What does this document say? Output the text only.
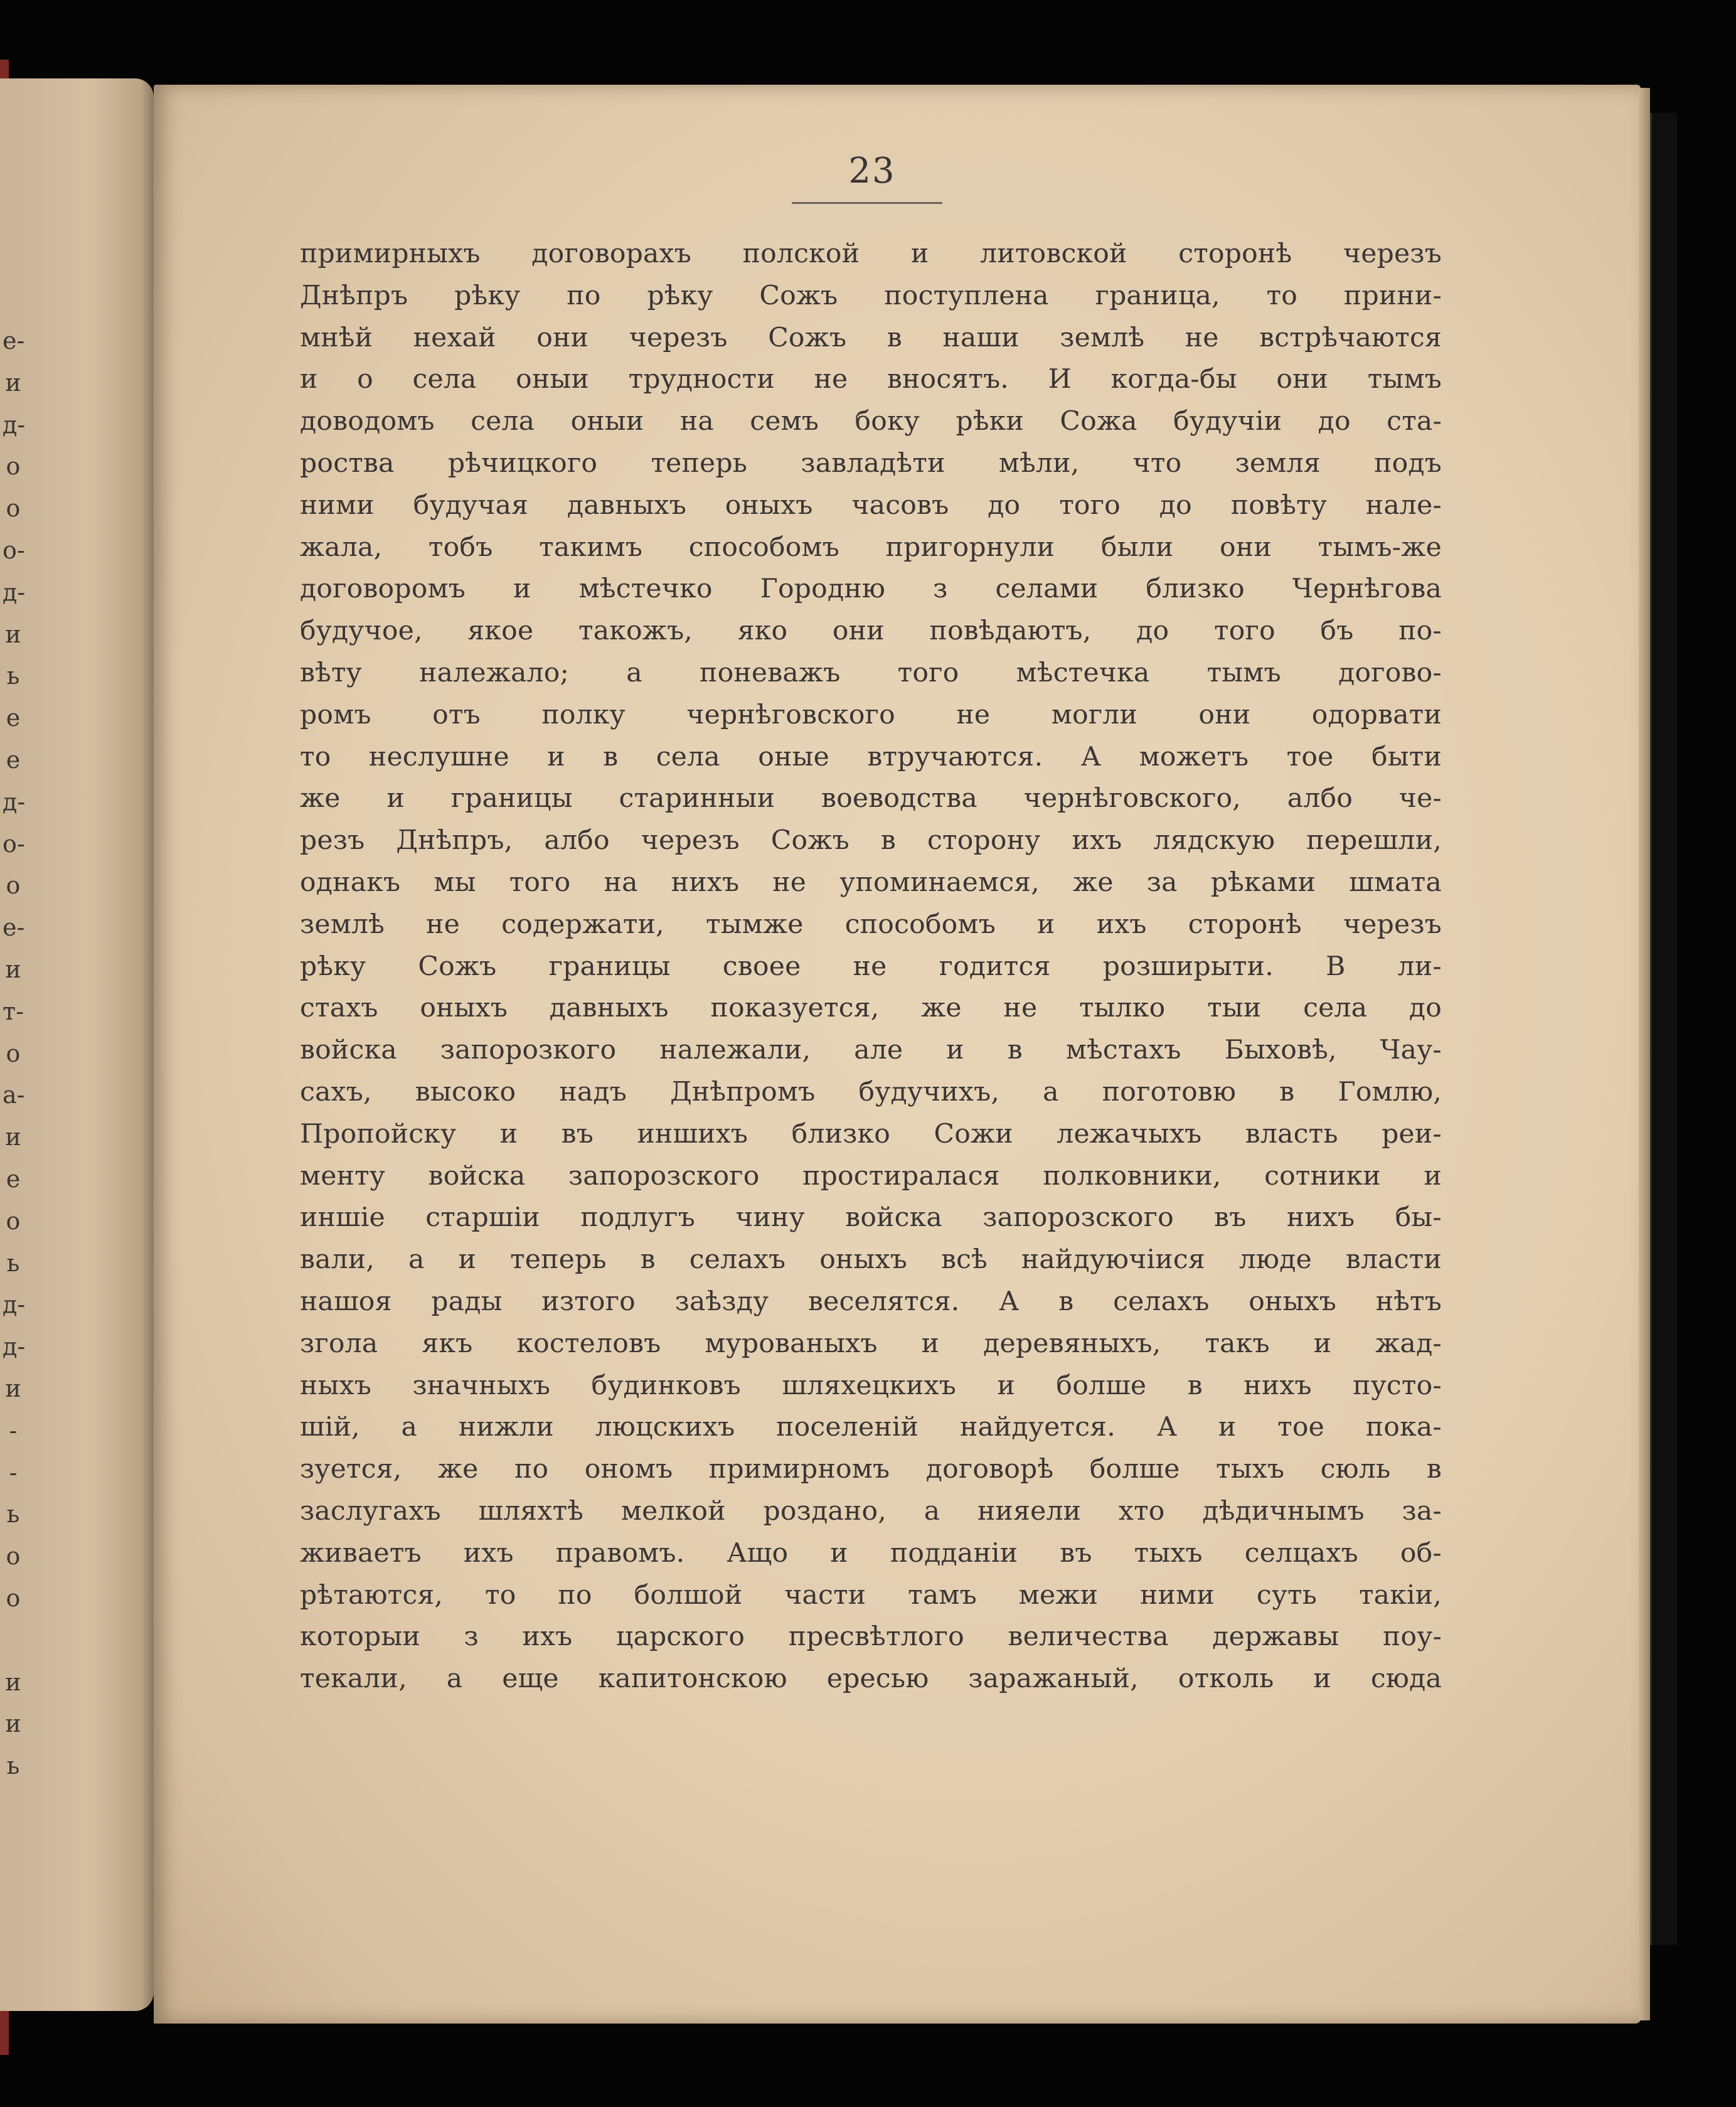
е-
и
д-
о
о
о-
д-
и
ь
е
е
д-
о-
о
е-
и
т-
о
а-
и
е
о
ь
д-
д-
и
-
-
ь
о
о
и
и
ь
23
примирныхъ договорахъ полской и литовской сторонѣ черезъ
Днѣпръ рѣку по рѣку Сожъ поступлена граница, то прини-
мнѣй нехай они черезъ Сожъ в наши землѣ не встрѣчаются
и о села оныи трудности не вносятъ. И когда-бы они тымъ
доводомъ села оныи на семъ боку рѣки Сожа будучіи до ста-
роства рѣчицкого теперь завладѣти мѣли, что земля подъ
ними будучая давныхъ оныхъ часовъ до того до повѣту нале-
жала, тобъ такимъ способомъ пригорнули были они тымъ-же
договоромъ и мѣстечко Городню з селами близко Чернѣгова
будучое, якое такожъ, яко они повѣдаютъ, до того бъ по-
вѣту належало; а поневажъ того мѣстечка тымъ догово-
ромъ отъ полку чернѣговского не могли они одорвати
то неслушне и в села оные втручаются. А можетъ тое быти
же и границы старинныи воеводства чернѣговского, албо че-
резъ Днѣпръ, албо черезъ Сожъ в сторону ихъ лядскую перешли,
однакъ мы того на нихъ не упоминаемся, же за рѣками шмата
землѣ не содержати, тымже способомъ и ихъ сторонѣ черезъ
рѣку Сожъ границы своее не годится розширыти. В ли-
стахъ оныхъ давныхъ показуется, же не тылко тыи села до
войска запорозкого належали, але и в мѣстахъ Быховѣ, Чау-
сахъ, высоко надъ Днѣпромъ будучихъ, а поготовю в Гомлю,
Пропойску и въ иншихъ близко Сожи лежачыхъ власть реи-
менту войска запорозского простиралася полковники, сотники и
иншіе старшіи подлугъ чину войска запорозского въ нихъ бы-
вали, а и теперь в селахъ оныхъ всѣ найдуючіися люде власти
нашоя рады изтого заѣзду веселятся. А в селахъ оныхъ нѣтъ
згола якъ костеловъ мурованыхъ и деревяныхъ, такъ и жад-
ныхъ значныхъ будинковъ шляхецкихъ и болше в нихъ пусто-
шій, а нижли люцскихъ поселеній найдуется. А и тое пока-
зуется, же по ономъ примирномъ договорѣ болше тыхъ сюль в
заслугахъ шляхтѣ мелкой роздано, а нияели хто дѣдичнымъ за-
живаетъ ихъ правомъ. Ащо и подданіи въ тыхъ селцахъ об-
рѣтаются, то по болшой части тамъ межи ними суть такіи,
которыи з ихъ царского пресвѣтлого величества державы поу-
текали, а еще капитонскою ересью заражаный, отколь и сюда
